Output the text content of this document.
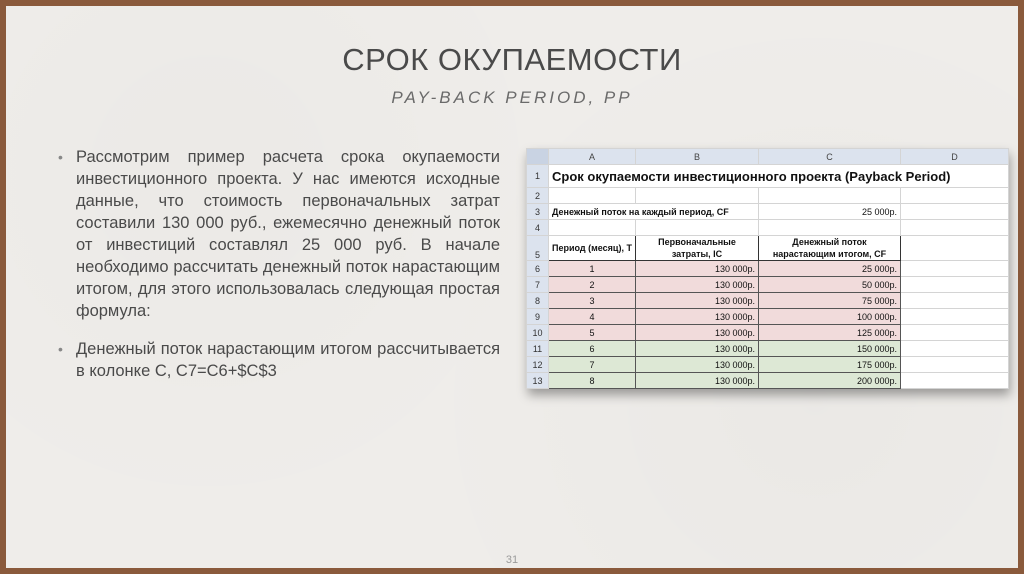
СРОК ОКУПАЕМОСТИ
PAY-BACK PERIOD, PP
• Рассмотрим пример расчета срока окупаемости инвестиционного проекта. У нас имеются исходные данные, что стоимость первоначальных затрат составили 130 000 руб., ежемесячно денежный поток от инвестиций составлял 25 000 руб. В начале необходимо рассчитать денежный поток нарастающим итогом, для этого использовалась следующая простая формула:
• Денежный поток нарастающим итогом рассчитывается в колонке С, С7=С6+$C$3
	A	B	C	D
1	Срок окупаемости инвестиционного проекта (Payback Period)			
2				
3	Денежный поток на каждый период, CF		25 000р.	
4				
5	Период (месяц), T	Первоначальные затраты, IC	Денежный поток нарастающим итогом, CF	
6	1	130 000р.	25 000р.	
7	2	130 000р.	50 000р.	
8	3	130 000р.	75 000р.	
9	4	130 000р.	100 000р.	
10	5	130 000р.	125 000р.	
11	6	130 000р.	150 000р.	
12	7	130 000р.	175 000р.	
13	8	130 000р.	200 000р.	
31
